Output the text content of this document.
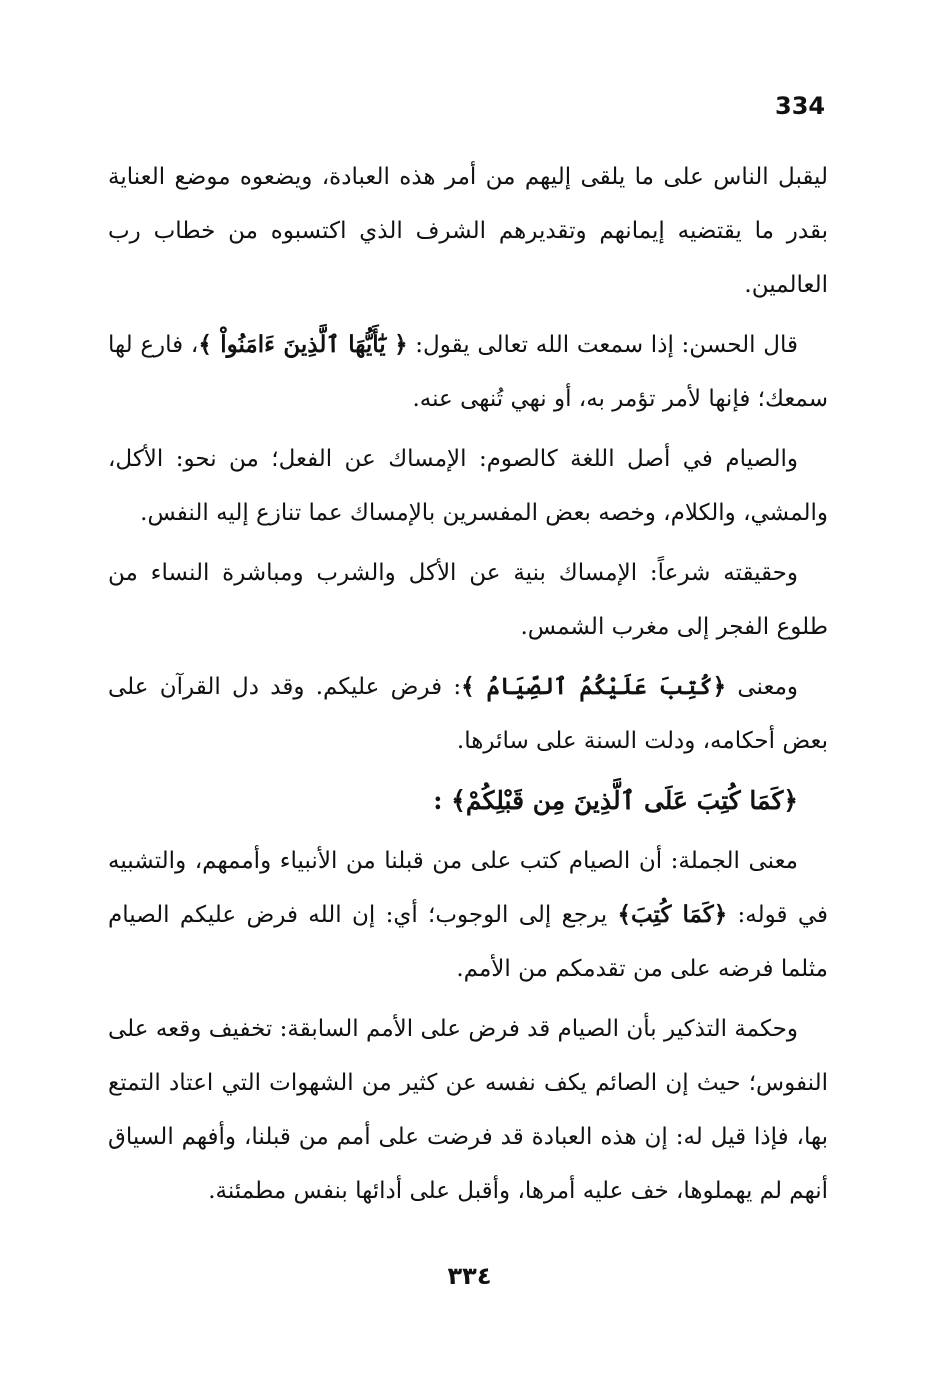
334

ليقبل الناس على ما يلقى إليهم من أمر هذه العبادة، ويضعوه موضع العناية بقدر ما يقتضيه إيمانهم وتقديرهم الشرف الذي اكتسبوه من خطاب رب العالمين.

قال الحسن: إذا سمعت الله تعالى يقول: ﴿ يَٰٓأَيُّهَا ٱلَّذِينَ ءَامَنُواْ ﴾، فارع لها سمعك؛ فإنها لأمر تؤمر به، أو نهي تُنهى عنه.

والصيام في أصل اللغة كالصوم: الإمساك عن الفعل؛ من نحو: الأكل، والمشي، والكلام، وخصه بعض المفسرين بالإمساك عما تنازع إليه النفس.

وحقيقته شرعاً: الإمساك بنية عن الأكل والشرب ومباشرة النساء من طلوع الفجر إلى مغرب الشمس.

ومعنى ﴿كُتِبَ عَلَيْكُمُ ٱلصِّيَامُ ﴾: فرض عليكم. وقد دل القرآن على بعض أحكامه، ودلت السنة على سائرها.

﴿كَمَا كُتِبَ عَلَى ٱلَّذِينَ مِن قَبْلِكُمْ﴾ :

معنى الجملة: أن الصيام كتب على من قبلنا من الأنبياء وأممهم، والتشبيه في قوله: ﴿كَمَا كُتِبَ﴾ يرجع إلى الوجوب؛ أي: إن الله فرض عليكم الصيام مثلما فرضه على من تقدمكم من الأمم.

وحكمة التذكير بأن الصيام قد فرض على الأمم السابقة: تخفيف وقعه على النفوس؛ حيث إن الصائم يكف نفسه عن كثير من الشهوات التي اعتاد التمتع بها، فإذا قيل له: إن هذه العبادة قد فرضت على أمم من قبلنا، وأفهم السياق أنهم لم يهملوها، خف عليه أمرها، وأقبل على أدائها بنفس مطمئنة.

٣٣٤
